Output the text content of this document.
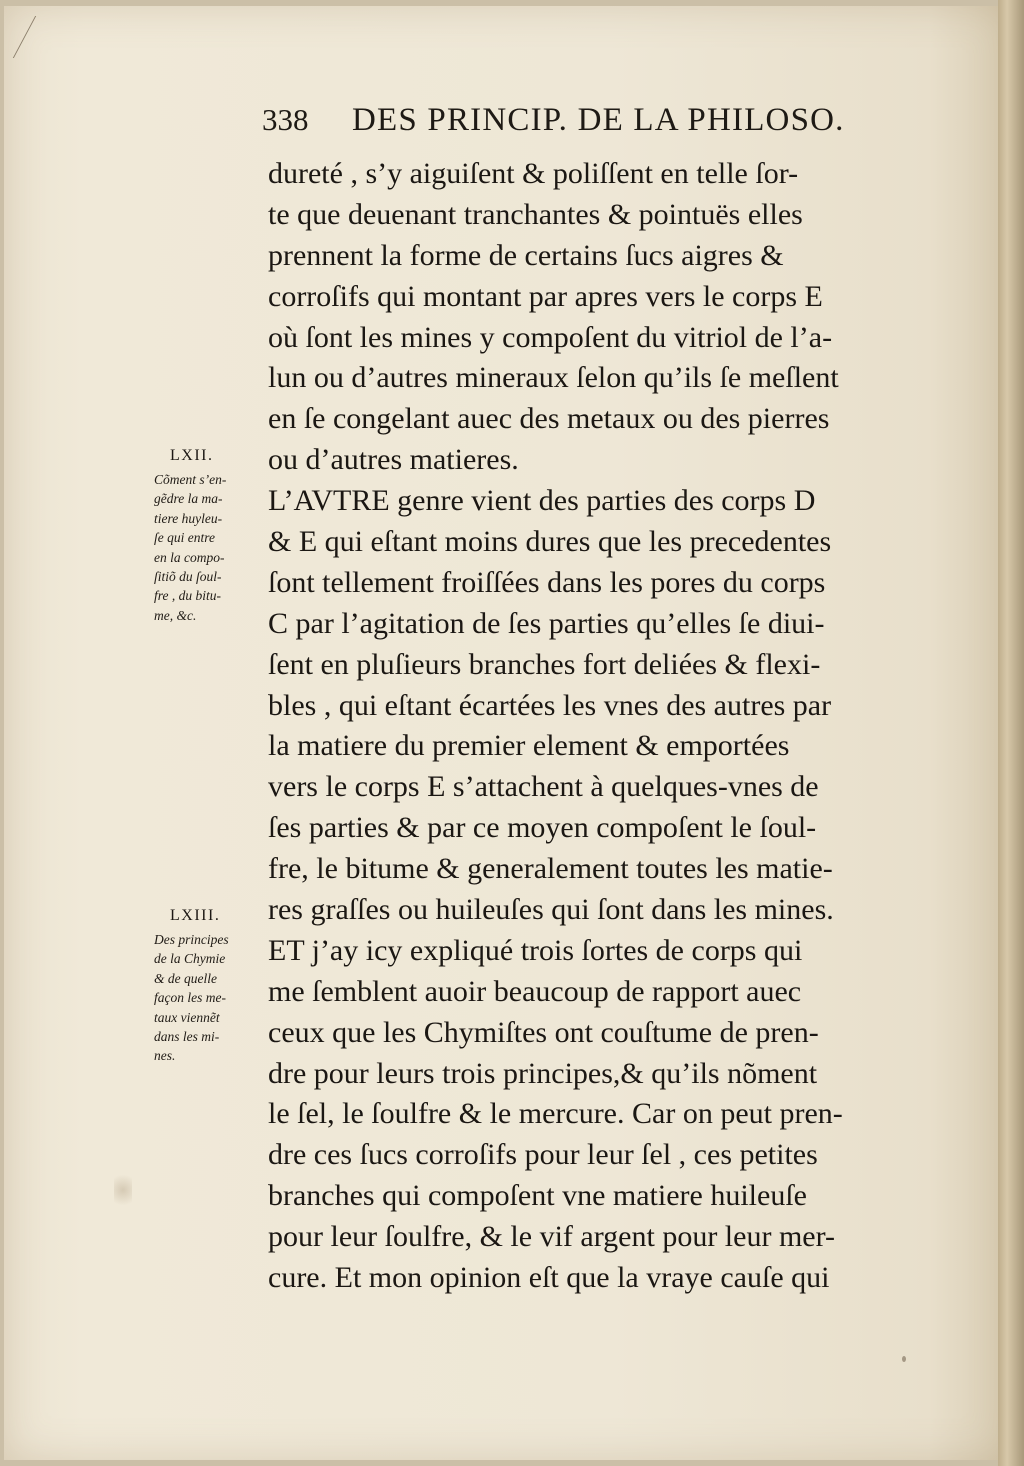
338 DES PRINCIP. DE LA PHILOSO.
dureté , s’y aiguiſent & poliſſent en telle ſor-
te que deuenant tranchantes & pointuës elles
prennent la forme de certains ſucs aigres &
corroſifs qui montant par apres vers le corps E
où ſont les mines y compoſent du vitriol de l’a-
lun ou d’autres mineraux ſelon qu’ils ſe meſlent
en ſe congelant auec des metaux ou des pierres
ou d’autres matieres.
L’AVTRE genre vient des parties des corps D
& E qui eſtant moins dures que les precedentes
ſont tellement froiſſées dans les pores du corps
C par l’agitation de ſes parties qu’elles ſe diui-
ſent en pluſieurs branches fort deliées & flexi-
bles , qui eſtant écartées les vnes des autres par
la matiere du premier element & emportées
vers le corps E s’attachent à quelques-vnes de
ſes parties & par ce moyen compoſent le ſoul-
fre, le bitume & generalement toutes les matie-
res graſſes ou huileuſes qui ſont dans les mines.
ET j’ay icy expliqué trois ſortes de corps qui
me ſemblent auoir beaucoup de rapport auec
ceux que les Chymiſtes ont couſtume de pren-
dre pour leurs trois principes,& qu’ils nõment
le ſel, le ſoulfre & le mercure. Car on peut pren-
dre ces ſucs corroſifs pour leur ſel , ces petites
branches qui compoſent vne matiere huileuſe
pour leur ſoulfre, & le vif argent pour leur mer-
cure. Et mon opinion eſt que la vraye cauſe qui
LXII.
Cõment s’en-
gẽdre la ma-
tiere huyleu-
ſe qui entre
en la compo-
ſitiõ du ſoul-
fre , du bitu-
me, &c.
LXIII.
Des principes
de la Chymie
& de quelle
façon les me-
taux viennẽt
dans les mi-
nes.
